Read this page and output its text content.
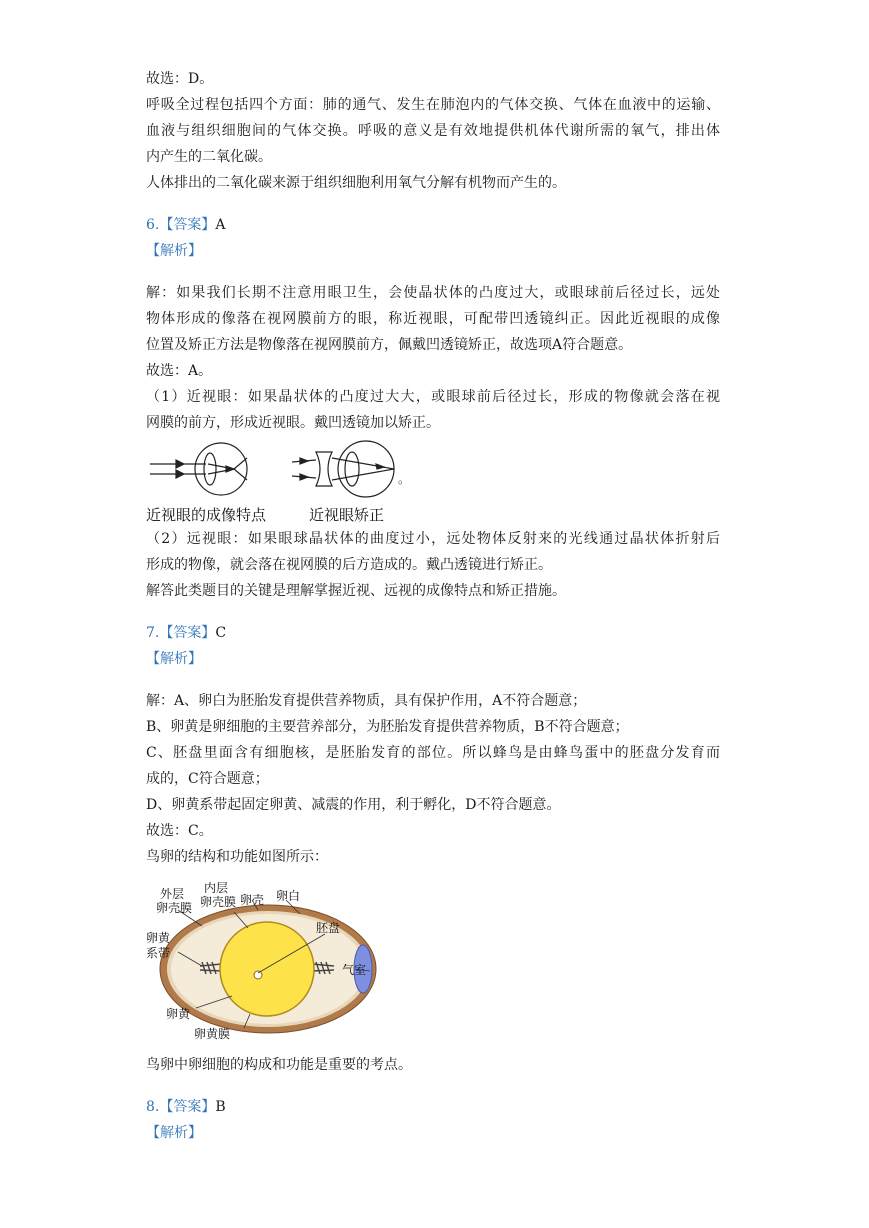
故选：D。
呼吸全过程包括四个方面：肺的通气、发生在肺泡内的气体交换、气体在血液中的运输、
血液与组织细胞间的气体交换。呼吸的意义是有效地提供机体代谢所需的氧气，排出体
内产生的二氧化碳。
人体排出的二氧化碳来源于组织细胞利用氧气分解有机物而产生的。
6.【答案】A
【解析】
解：如果我们长期不注意用眼卫生，会使晶状体的凸度过大，或眼球前后径过长，远处
物体形成的像落在视网膜前方的眼，称近视眼，可配带凹透镜纠正。因此近视眼的成像
位置及矫正方法是物像落在视网膜前方，佩戴凹透镜矫正，故选项A符合题意。
故选：A。
（1）近视眼：如果晶状体的凸度过大大，或眼球前后径过长，形成的物像就会落在视
网膜的前方，形成近视眼。戴凹透镜加以矫正。
。
近视眼的成像特点	近视眼矫正
（2）远视眼：如果眼球晶状体的曲度过小，远处物体反射来的光线通过晶状体折射后
形成的物像，就会落在视网膜的后方造成的。戴凸透镜进行矫正。
解答此类题目的关键是理解掌握近视、远视的成像特点和矫正措施。
7.【答案】C
【解析】
解：A、卵白为胚胎发育提供营养物质，具有保护作用，A不符合题意；
B、卵黄是卵细胞的主要营养部分，为胚胎发育提供营养物质，B不符合题意；
C、胚盘里面含有细胞核，是胚胎发育的部位。所以蜂鸟是由蜂鸟蛋中的胚盘分发育而
成的，C符合题意；
D、卵黄系带起固定卵黄、减震的作用，利于孵化，D不符合题意。
故选：C。
鸟卵的结构和功能如图所示：
外层
卵壳膜
内层
卵壳膜 卵壳 卵白
胚盘
卵黄
系带
气室
卵黄
卵黄膜
鸟卵中卵细胞的构成和功能是重要的考点。
8.【答案】B
【解析】
